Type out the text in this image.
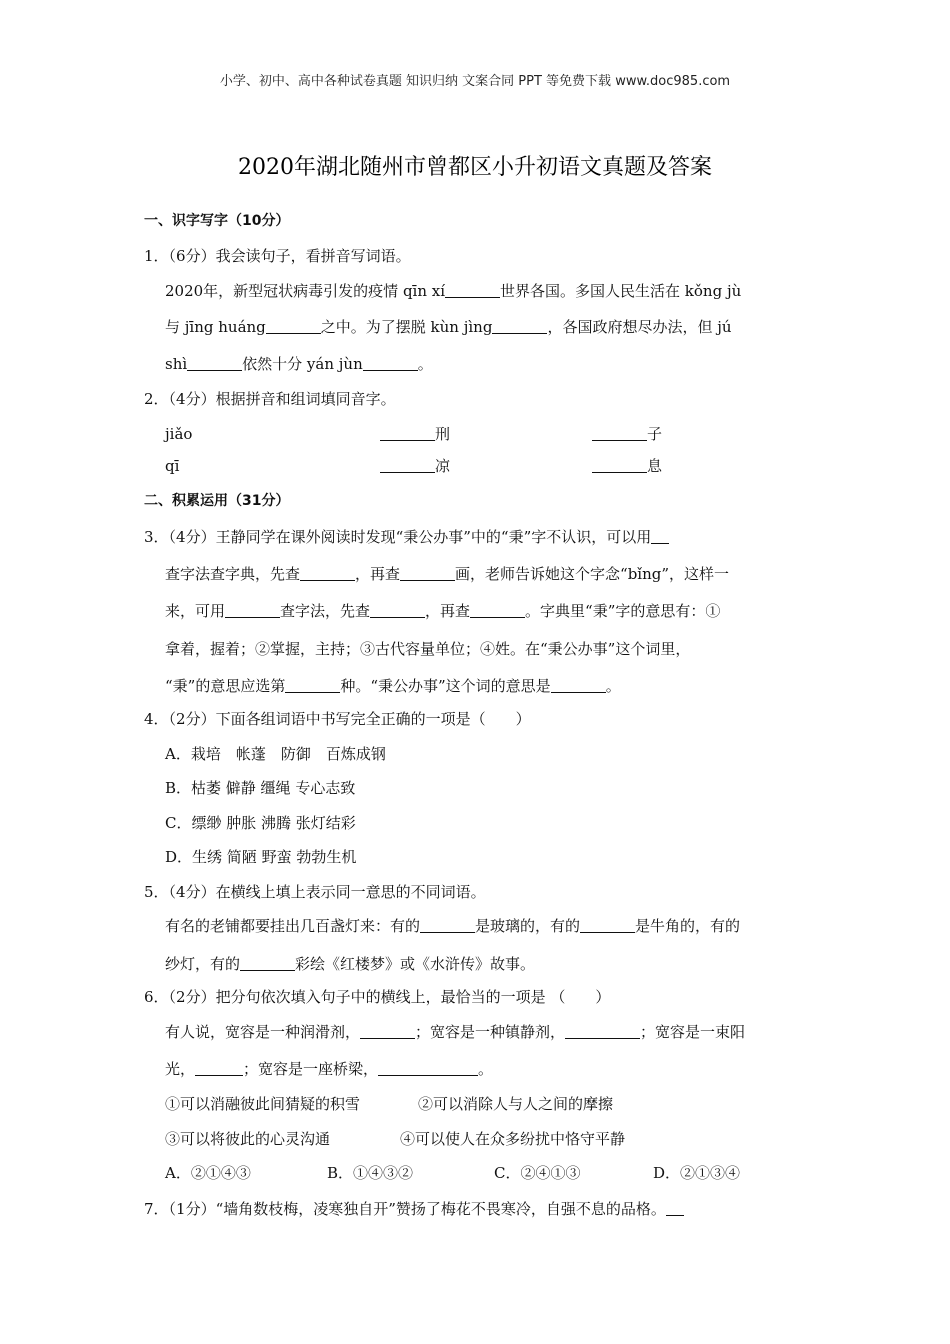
小学、初中、高中各种试卷真题 知识归纳 文案合同 PPT 等免费下载 www.doc985.com
2020年湖北随州市曾都区小升初语文真题及答案
一、识字写字（10分）
1．（6分）我会读句子，看拼音写词语。
2020年，新型冠状病毒引发的疫情 qīn xí	世界各国。多国人民生活在 kǒng jù
与 jīng huáng	之中。为了摆脱 kùn jìng	，各国政府想尽办法，但 jú
shì	依然十分 yán jùn	。
2．（4分）根据拼音和组词填同音字。
jiǎo	刑	子
qī	凉	息
二、积累运用（31分）
3．（4分）王静同学在课外阅读时发现“秉公办事”中的“秉”字不认识，可以用
查字法查字典，先查	，再查	画，老师告诉她这个字念“bǐng”，这样一
来，可用	查字法，先查	，再查	。字典里“秉”字的意思有：①
拿着，握着；②掌握，主持；③古代容量单位；④姓。在“秉公办事”这个词里，
“秉”的意思应选第	种。“秉公办事”这个词的意思是	。
4．（2分）下面各组词语中书写完全正确的一项是（　　）
A．栽培　帐蓬　防御　百炼成钢
B．枯萎 僻静 缰绳 专心志致
C．缥缈 肿胀 沸腾 张灯结彩
D．生绣 简陋 野蛮 勃勃生机
5．（4分）在横线上填上表示同一意思的不同词语。
有名的老铺都要挂出几百盏灯来：有的	是玻璃的，有的	是牛角的，有的
纱灯，有的	彩绘《红楼梦》或《水浒传》故事。
6．（2分）把分句依次填入句子中的横线上，最恰当的一项是 （　　）
有人说，宽容是一种润滑剂，	；宽容是一种镇静剂，	；宽容是一束阳
光，	；宽容是一座桥梁，	。
①可以消融彼此间猜疑的积雪	②可以消除人与人之间的摩擦
③可以将彼此的心灵沟通	④可以使人在众多纷扰中恪守平静
A．②①④③	B．①④③②	C．②④①③	D．②①③④
7．（1分）“墙角数枝梅，凌寒独自开”赞扬了梅花不畏寒冷，自强不息的品格。
